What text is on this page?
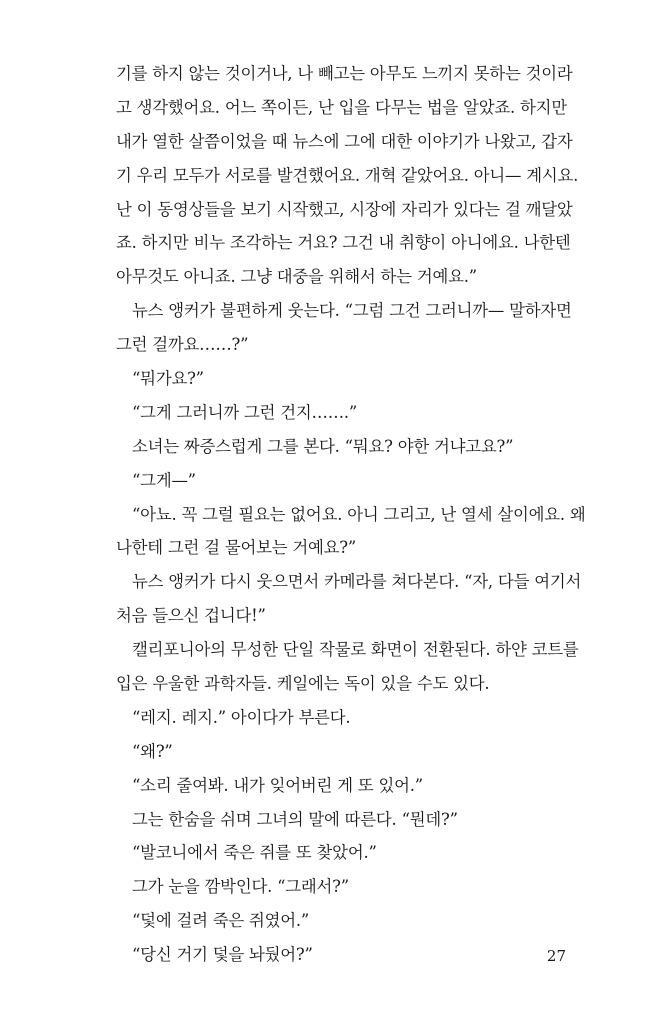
기를 하지 않는 것이거나, 나 빼고는 아무도 느끼지 못하는 것이라
고 생각했어요. 어느 쪽이든, 난 입을 다무는 법을 알았죠. 하지만
내가 열한 살쯤이었을 때 뉴스에 그에 대한 이야기가 나왔고, 갑자
기 우리 모두가 서로를 발견했어요. 개혁 같았어요. 아니— 계시요.
난 이 동영상들을 보기 시작했고, 시장에 자리가 있다는 걸 깨달았
죠. 하지만 비누 조각하는 거요? 그건 내 취향이 아니에요. 나한텐
아무것도 아니죠. 그냥 대중을 위해서 하는 거예요.”
뉴스 앵커가 불편하게 웃는다. “그럼 그건 그러니까— 말하자면
그런 걸까요……?”
“뭐가요?”
“그게 그러니까 그런 건지…….”
소녀는 짜증스럽게 그를 본다. “뭐요? 야한 거냐고요?”
“그게—”
“아뇨. 꼭 그럴 필요는 없어요. 아니 그리고, 난 열세 살이에요. 왜
나한테 그런 걸 물어보는 거예요?”
뉴스 앵커가 다시 웃으면서 카메라를 쳐다본다. “자, 다들 여기서
처음 들으신 겁니다!”
캘리포니아의 무성한 단일 작물로 화면이 전환된다. 하얀 코트를
입은 우울한 과학자들. 케일에는 독이 있을 수도 있다.
“레지. 레지.” 아이다가 부른다.
“왜?”
“소리 줄여봐. 내가 잊어버린 게 또 있어.”
그는 한숨을 쉬며 그녀의 말에 따른다. “뭔데?”
“발코니에서 죽은 쥐를 또 찾았어.”
그가 눈을 깜박인다. “그래서?”
“덫에 걸려 죽은 쥐였어.”
“당신 거기 덫을 놔뒀어?”	27
